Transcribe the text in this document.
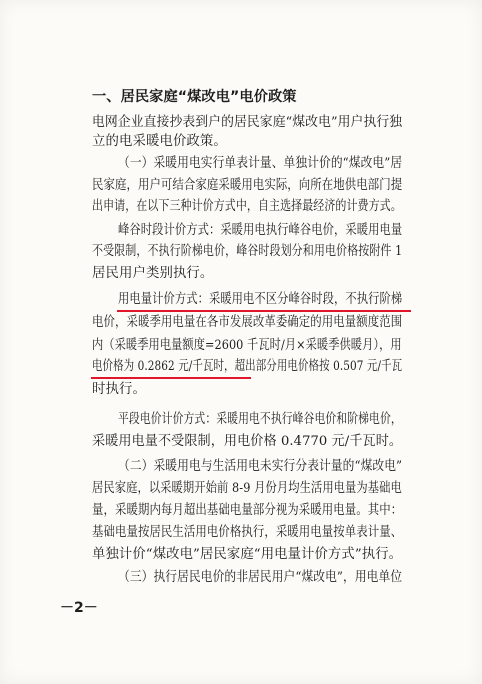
一、居民家庭“煤改电”电价政策
电网企业直接抄表到户的居民家庭“煤改电”用户执行独
立的电采暖电价政策。
（一）采暖用电实行单表计量、单独计价的“煤改电”居
民家庭，用户可结合家庭采暖用电实际，向所在地供电部门提
出申请，在以下三种计价方式中，自主选择最经济的计费方式。
峰谷时段计价方式：采暖用电执行峰谷电价，采暖用电量
不受限制，不执行阶梯电价，峰谷时段划分和用电价格按附件 1
居民用户类别执行。
用电量计价方式：采暖用电不区分峰谷时段，不执行阶梯
电价，采暖季用电量在各市发展改革委确定的用电量额度范围
内（采暖季用电量额度=2600 千瓦时/月×采暖季供暖月），用
电价格为 0.2862 元/千瓦时，超出部分用电价格按 0.507 元/千瓦
时执行。
平段电价计价方式：采暖用电不执行峰谷电价和阶梯电价，
采暖用电量不受限制，用电价格 0.4770 元/千瓦时。
（二）采暖用电与生活用电未实行分表计量的“煤改电”
居民家庭，以采暖期开始前 8-9 月份月均生活用电量为基础电
量，采暖期内每月超出基础电量部分视为采暖用电量。其中：
基础电量按居民生活用电价格执行，采暖用电量按单表计量、
单独计价“煤改电”居民家庭“用电量计价方式”执行。
（三）执行居民电价的非居民用户“煤改电”，用电单位
－2－
